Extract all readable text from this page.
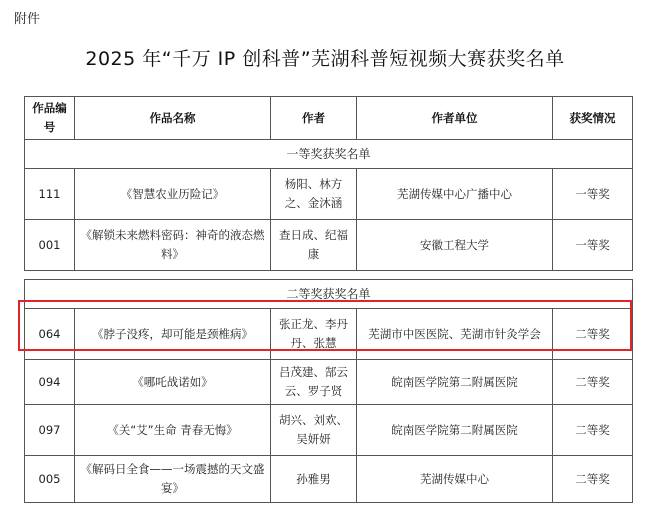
附件
2025 年“千万 IP 创科普”芜湖科普短视频大赛获奖名单
作品编号	作品名称	作者	作者单位	获奖情况
一等奖获奖名单				
111	《智慧农业历险记》	杨阳、林方之、金沐涵	芜湖传媒中心广播中心	一等奖
001	《解锁未来燃料密码：神奇的液态燃料》	查日成、纪福康	安徽工程大学	一等奖

二等奖获奖名单				
064	《脖子没疼，却可能是颈椎病》	张正龙、李丹丹、张慧	芜湖市中医医院、芜湖市针灸学会	二等奖
094	《哪吒战诺如》	吕茂建、郜云云、罗子贤	皖南医学院第二附属医院	二等奖
097	《关“艾”生命 青春无悔》	胡兴、刘欢、吴妍妍	皖南医学院第二附属医院	二等奖
005	《解码日全食——一场震撼的天文盛宴》	孙雅男	芜湖传媒中心	二等奖
